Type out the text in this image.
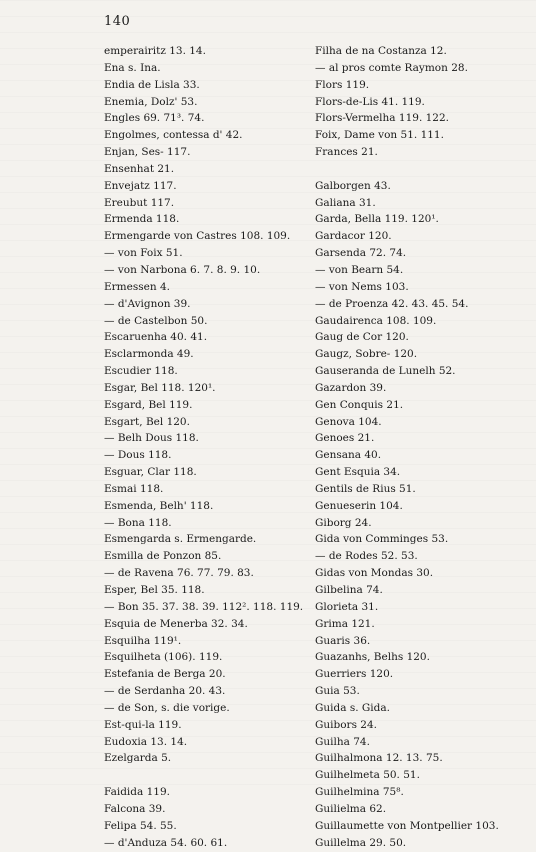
140
emperairitz 13. 14.
Ena s. Ina.
Endia de Lisla 33.
Enemia, Dolz' 53.
Engles 69. 71³. 74.
Engolmes, contessa d' 42.
Enjan, Ses- 117.
Ensenhat 21.
Envejatz 117.
Ereubut 117.
Ermenda 118.
Ermengarde von Castres 108. 109.
— von Foix 51.
— von Narbona 6. 7. 8. 9. 10.
Ermessen 4.
— d'Avignon 39.
— de Castelbon 50.
Escaruenha 40. 41.
Esclarmonda 49.
Escudier 118.
Esgar, Bel 118. 120¹.
Esgard, Bel 119.
Esgart, Bel 120.
— Belh Dous 118.
— Dous 118.
Esguar, Clar 118.
Esmai 118.
Esmenda, Belh' 118.
— Bona 118.
Esmengarda s. Ermengarde.
Esmilla de Ponzon 85.
— de Ravena 76. 77. 79. 83.
Esper, Bel 35. 118.
— Bon 35. 37. 38. 39. 112². 118. 119.
Esquia de Menerba 32. 34.
Esquilha 119¹.
Esquilheta (106). 119.
Estefania de Berga 20.
— de Serdanha 20. 43.
— de Son, s. die vorige.
Est-qui-la 119.
Eudoxia 13. 14.
Ezelgarda 5.
Faidida 119.
Falcona 39.
Felipa 54. 55.
— d'Anduza 54. 60. 61.
Filha de na Costanza 12.
— al pros comte Raymon 28.
Flors 119.
Flors-de-Lis 41. 119.
Flors-Vermelha 119. 122.
Foix, Dame von 51. 111.
Frances 21.
Galborgen 43.
Galiana 31.
Garda, Bella 119. 120¹.
Gardacor 120.
Garsenda 72. 74.
— von Bearn 54.
— von Nems 103.
— de Proenza 42. 43. 45. 54.
Gaudairenca 108. 109.
Gaug de Cor 120.
Gaugz, Sobre- 120.
Gauseranda de Lunelh 52.
Gazardon 39.
Gen Conquis 21.
Genova 104.
Genoes 21.
Gensana 40.
Gent Esquia 34.
Gentils de Rius 51.
Genueserin 104.
Giborg 24.
Gida von Comminges 53.
— de Rodes 52. 53.
Gidas von Mondas 30.
Gilbelina 74.
Glorieta 31.
Grima 121.
Guaris 36.
Guazanhs, Belhs 120.
Guerriers 120.
Guia 53.
Guida s. Gida.
Guibors 24.
Guilha 74.
Guilhalmona 12. 13. 75.
Guilhelmeta 50. 51.
Guilhelmina 75⁸.
Guilielma 62.
Guillaumette von Montpellier 103.
Guillelma 29. 50.
